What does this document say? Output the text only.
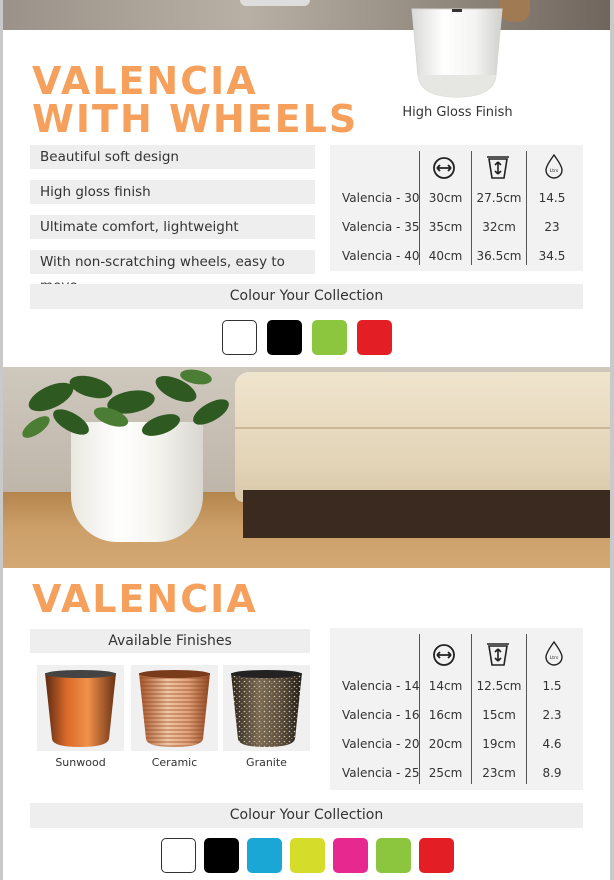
VALENCIA
WITH WHEELS	High Gloss Finish
Beautiful soft design
High gloss finish
Ultimate comfort, lightweight
With non-scratching wheels, easy to
Ltrs
Valencia - 30 30cm	27.5cm	14.5
Valencia - 35 35cm	32cm	23
Valencia - 40 40cm	36.5cm	34.5
Colour Your Collection
VALENCIA
Available Finishes
Sunwood	Ceramic	Granite
Ltrs
Valencia - 14 14cm	12.5cm	1.5
Valencia - 16 16cm	15cm	2.3
Valencia - 20 20cm	19cm	4.6
Valencia - 25 25cm	23cm	8.9
Colour Your Collection
